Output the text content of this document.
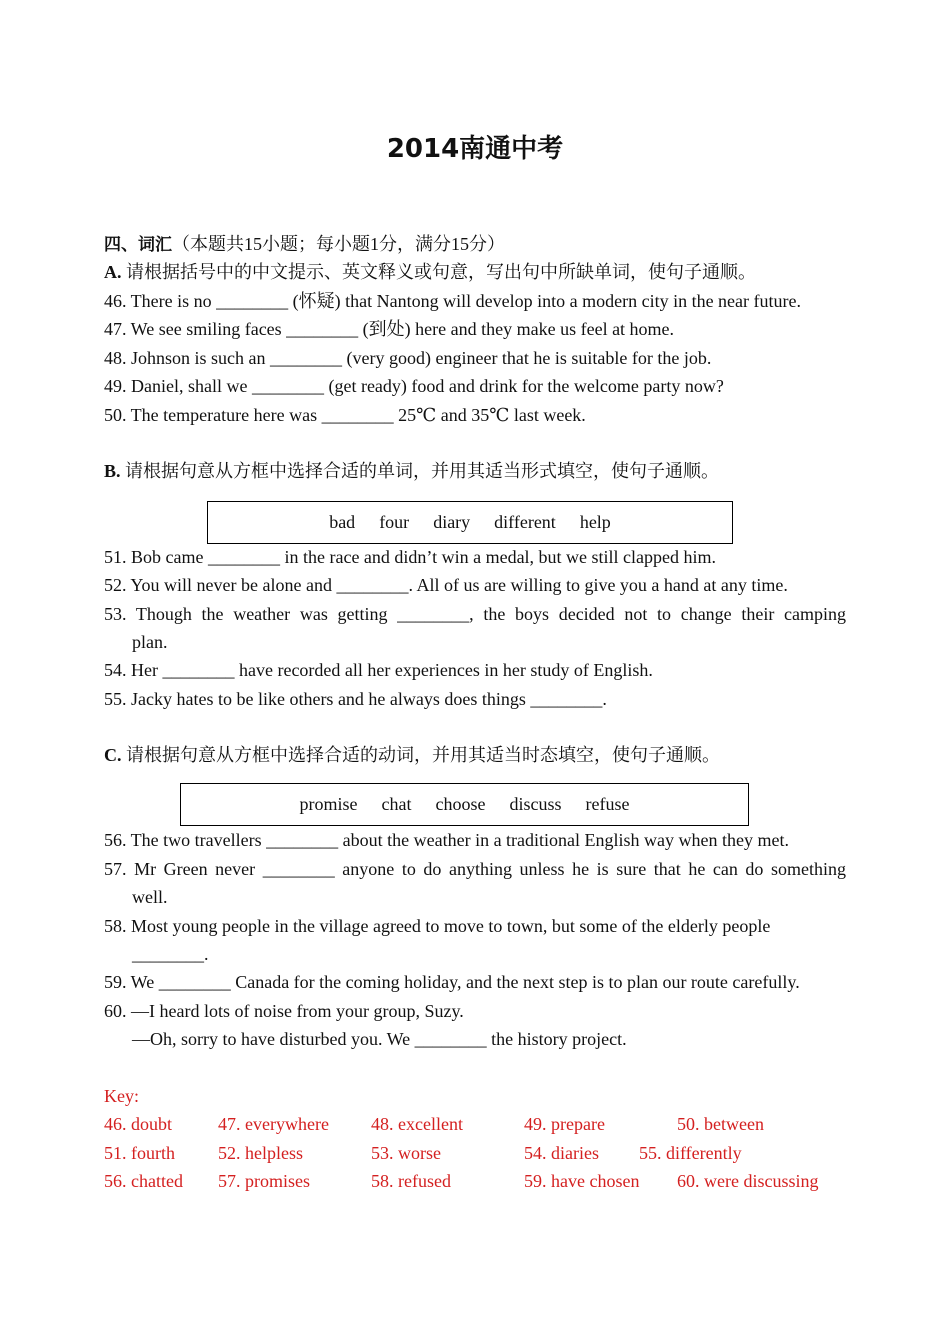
2014南通中考
四、词汇（本题共15小题；每小题1分，满分15分）
A. 请根据括号中的中文提示、英文释义或句意，写出句中所缺单词，使句子通顺。
46. There is no ________ (怀疑) that Nantong will develop into a modern city in the near future.
47. We see smiling faces ________ (到处) here and they make us feel at home.
48. Johnson is such an ________ (very good) engineer that he is suitable for the job.
49. Daniel, shall we ________ (get ready) food and drink for the welcome party now?
50. The temperature here was ________ 25℃ and 35℃ last week.
B. 请根据句意从方框中选择合适的单词，并用其适当形式填空，使句子通顺。
bad four diary different help
51. Bob came ________ in the race and didn’t win a medal, but we still clapped him.
52. You will never be alone and ________. All of us are willing to give you a hand at any time.
53. Though the weather was getting ________, the boys decided not to change their camping
plan.
54. Her ________ have recorded all her experiences in her study of English.
55. Jacky hates to be like others and he always does things ________.
C. 请根据句意从方框中选择合适的动词，并用其适当时态填空，使句子通顺。
promise chat choose discuss refuse
56. The two travellers ________ about the weather in a traditional English way when they met.
57. Mr Green never ________ anyone to do anything unless he is sure that he can do something
well.
58. Most young people in the village agreed to move to town, but some of the elderly people
________.
59. We ________ Canada for the coming holiday, and the next step is to plan our route carefully.
60. —I heard lots of noise from your group, Suzy.
—Oh, sorry to have disturbed you. We ________ the history project.
Key:
46. doubt	47. everywhere 48. excellent	49. prepare	50. between
51. fourth 52. helpless	53. worse	54. diaries 55. differently
56. chatted 57. promises	58. refused	59. have chosen 60. were discussing
